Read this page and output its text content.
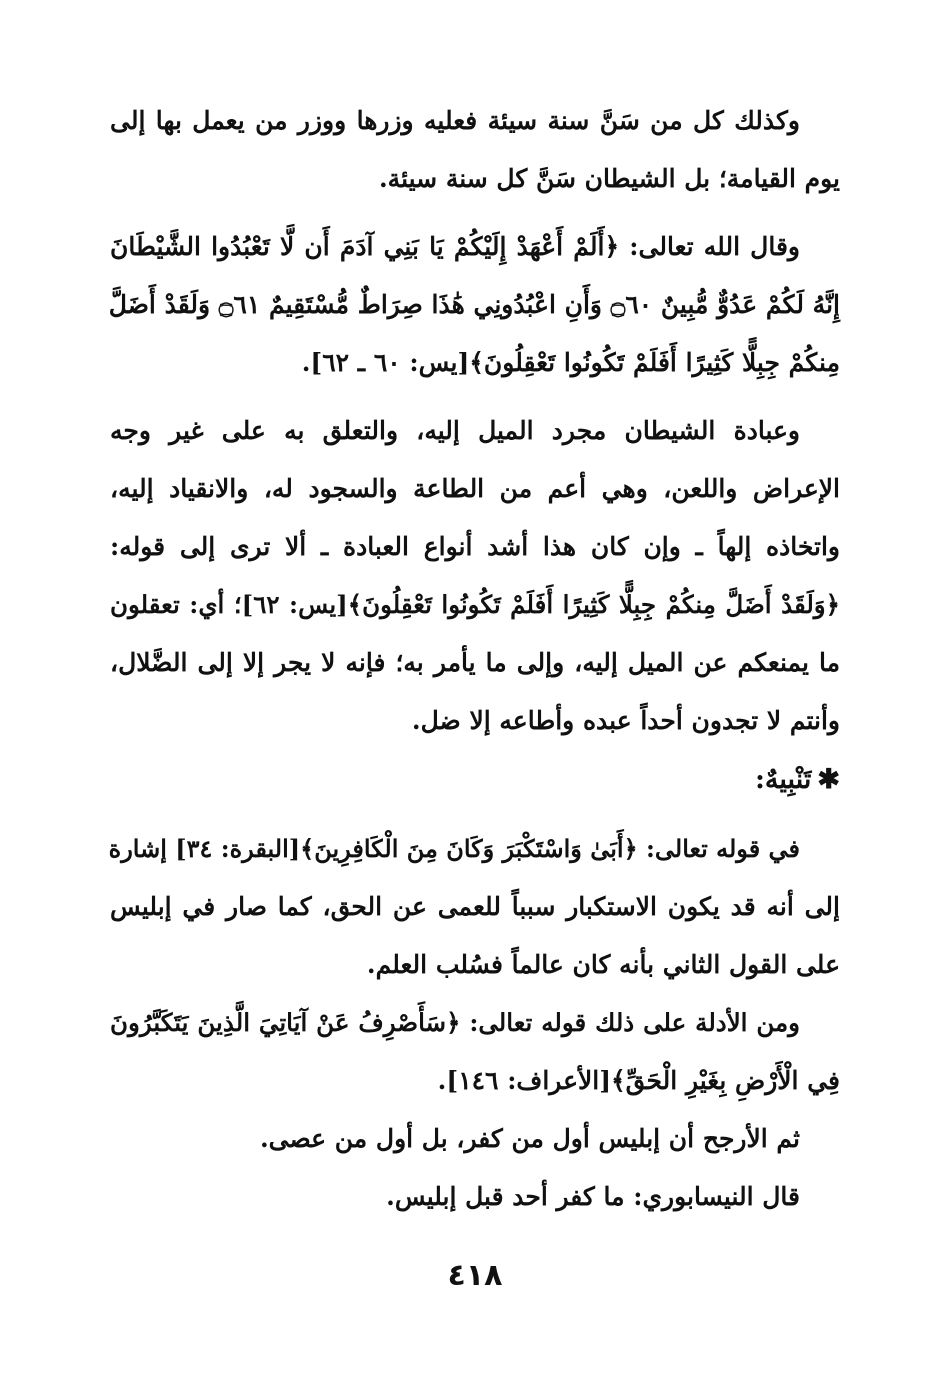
وكذلك كل من سَنَّ سنة سيئة فعليه وزرها ووزر من يعمل بها إلى
يوم القيامة؛ بل الشيطان سَنَّ كل سنة سيئة.
وقال الله تعالى: ﴿أَلَمْ أَعْهَدْ إِلَيْكُمْ يَا بَنِي آدَمَ أَن لَّا تَعْبُدُوا الشَّيْطَانَ
إِنَّهُ لَكُمْ عَدُوٌّ مُّبِينٌ ۝٦٠ وَأَنِ اعْبُدُونِي هَٰذَا صِرَاطٌ مُّسْتَقِيمٌ ۝٦١ وَلَقَدْ أَضَلَّ
مِنكُمْ جِبِلًّا كَثِيرًا أَفَلَمْ تَكُونُوا تَعْقِلُونَ﴾[يس: ٦٠ ـ ٦٢].
وعبادة الشيطان مجرد الميل إليه، والتعلق به على غير وجه
الإعراض واللعن، وهي أعم من الطاعة والسجود له، والانقياد إليه،
واتخاذه إلهاً ـ وإن كان هذا أشد أنواع العبادة ـ ألا ترى إلى قوله:
﴿وَلَقَدْ أَضَلَّ مِنكُمْ جِبِلًّا كَثِيرًا أَفَلَمْ تَكُونُوا تَعْقِلُونَ﴾[يس: ٦٢]؛ أي: تعقلون
ما يمنعكم عن الميل إليه، وإلى ما يأمر به؛ فإنه لا يجر إلا إلى الضَّلال،
وأنتم لا تجدون أحداً عبده وأطاعه إلا ضل.
✱تَنْبِيهٌ:
في قوله تعالى: ﴿أَبَىٰ وَاسْتَكْبَرَ وَكَانَ مِنَ الْكَافِرِينَ﴾[البقرة: ٣٤] إشارة
إلى أنه قد يكون الاستكبار سبباً للعمى عن الحق، كما صار في إبليس
على القول الثاني بأنه كان عالماً فسُلب العلم.
ومن الأدلة على ذلك قوله تعالى: ﴿سَأَصْرِفُ عَنْ آيَاتِيَ الَّذِينَ يَتَكَبَّرُونَ
فِي الْأَرْضِ بِغَيْرِ الْحَقِّ﴾[الأعراف: ١٤٦].
ثم الأرجح أن إبليس أول من كفر، بل أول من عصى.
قال النيسابوري: ما كفر أحد قبل إبليس.
٤١٨
